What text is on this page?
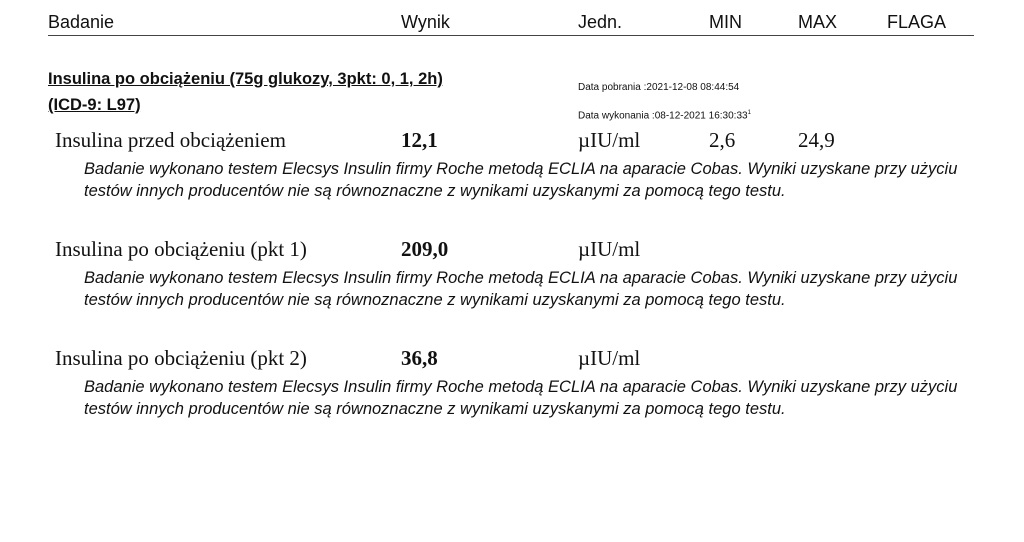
Badanie	Wynik	Jedn.	MIN	MAX	FLAGA
Insulina po obciążeniu (75g glukozy, 3pkt: 0, 1, 2h)
(ICD-9: L97)
Data pobrania :2021-12-08 08:44:54
Data wykonania :08-12-2021 $16:30:33^1$
Insulina przed obciążeniem	12,1	µIU/ml	2,6	24,9
Badanie wykonano testem Elecsys Insulin firmy Roche metodą ECLIA na aparacie Cobas. Wyniki uzyskane przy użyciu testów innych producentów nie są równoznaczne z wynikami uzyskanymi za pomocą tego testu.
Insulina po obciążeniu (pkt 1)	209,0	µIU/ml
Badanie wykonano testem Elecsys Insulin firmy Roche metodą ECLIA na aparacie Cobas. Wyniki uzyskane przy użyciu testów innych producentów nie są równoznaczne z wynikami uzyskanymi za pomocą tego testu.
Insulina po obciążeniu (pkt 2)	36,8	µIU/ml
Badanie wykonano testem Elecsys Insulin firmy Roche metodą ECLIA na aparacie Cobas. Wyniki uzyskane przy użyciu testów innych producentów nie są równoznaczne z wynikami uzyskanymi za pomocą tego testu.
